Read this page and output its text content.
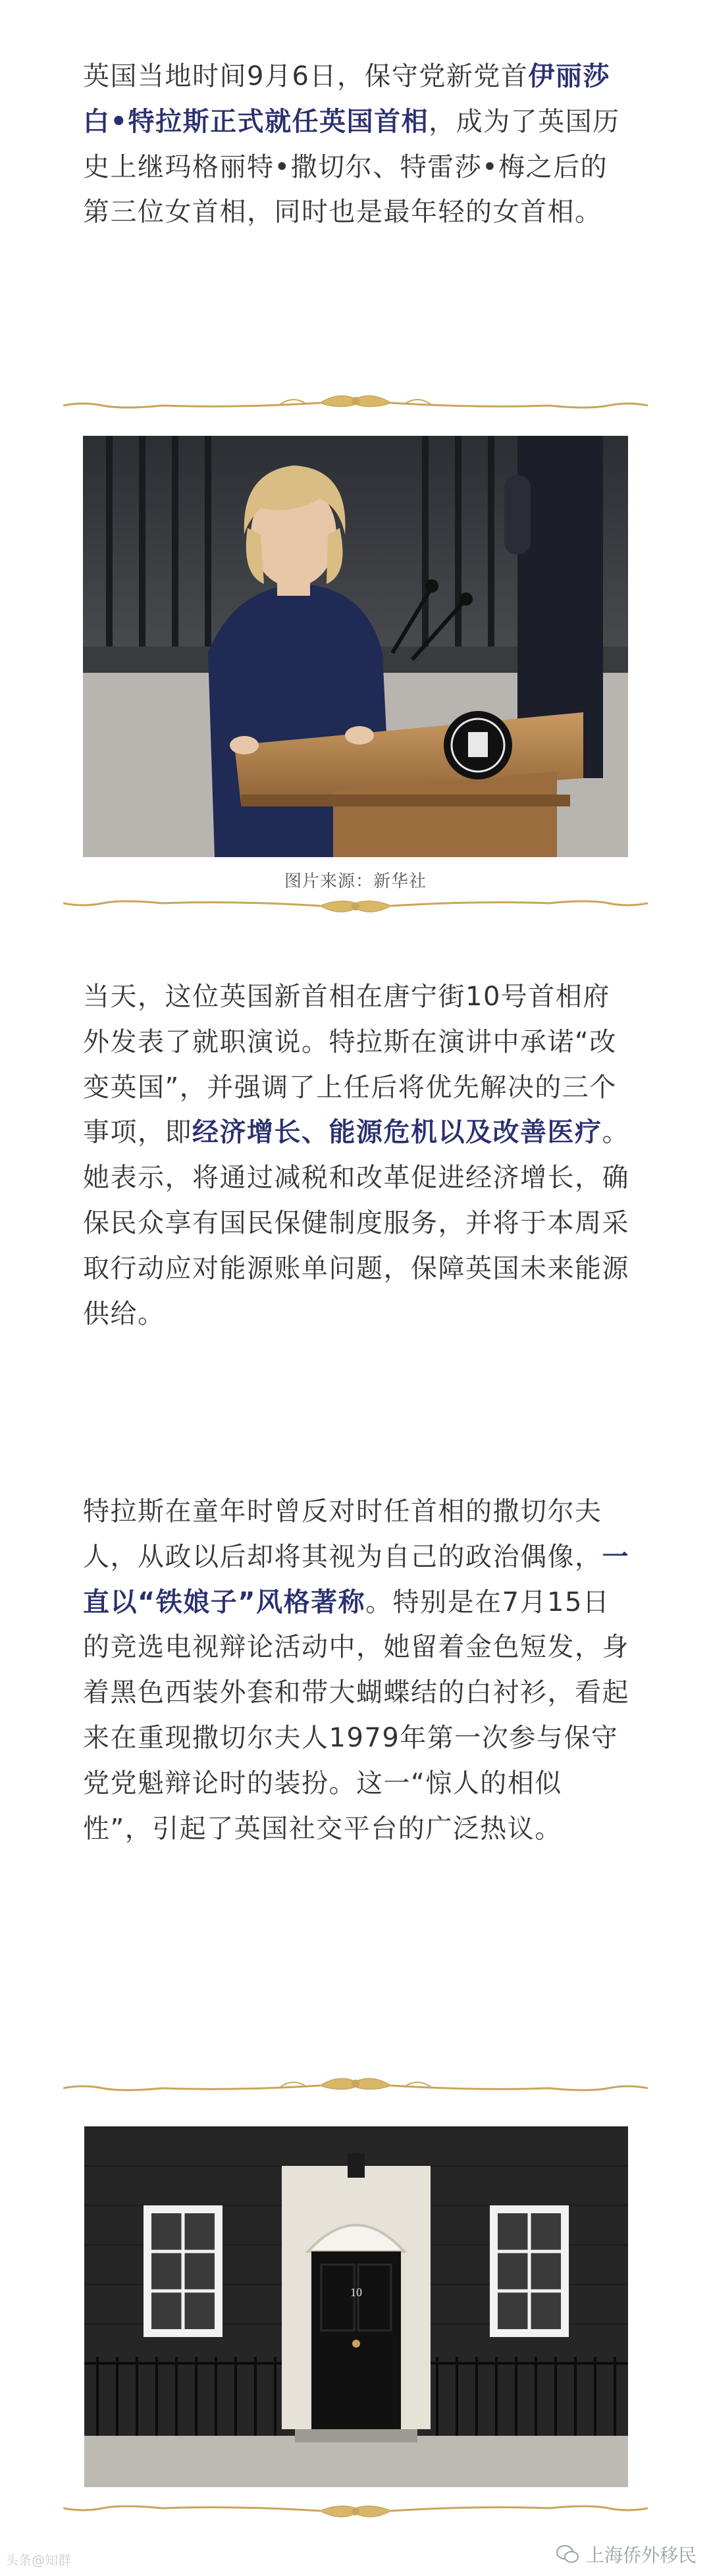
英国当地时间9月6日，保守党新党首伊丽莎白•特拉斯正式就任英国首相，成为了英国历史上继玛格丽特•撒切尔、特雷莎•梅之后的第三位女首相，同时也是最年轻的女首相。

图片来源：新华社

当天，这位英国新首相在唐宁街10号首相府外发表了就职演说。特拉斯在演讲中承诺“改变英国”，并强调了上任后将优先解决的三个事项，即经济增长、能源危机以及改善医疗。她表示，将通过减税和改革促进经济增长，确保民众享有国民保健制度服务，并将于本周采取行动应对能源账单问题，保障英国未来能源供给。

特拉斯在童年时曾反对时任首相的撒切尔夫人，从政以后却将其视为自己的政治偶像，一直以“铁娘子”风格著称。特别是在7月15日的竞选电视辩论活动中，她留着金色短发，身着黑色西装外套和带大蝴蝶结的白衬衫，看起来在重现撒切尔夫人1979年第一次参与保守党党魁辩论时的装扮。这一“惊人的相似性”，引起了英国社交平台的广泛热议。

10
头条@知群	上海侨外移民
